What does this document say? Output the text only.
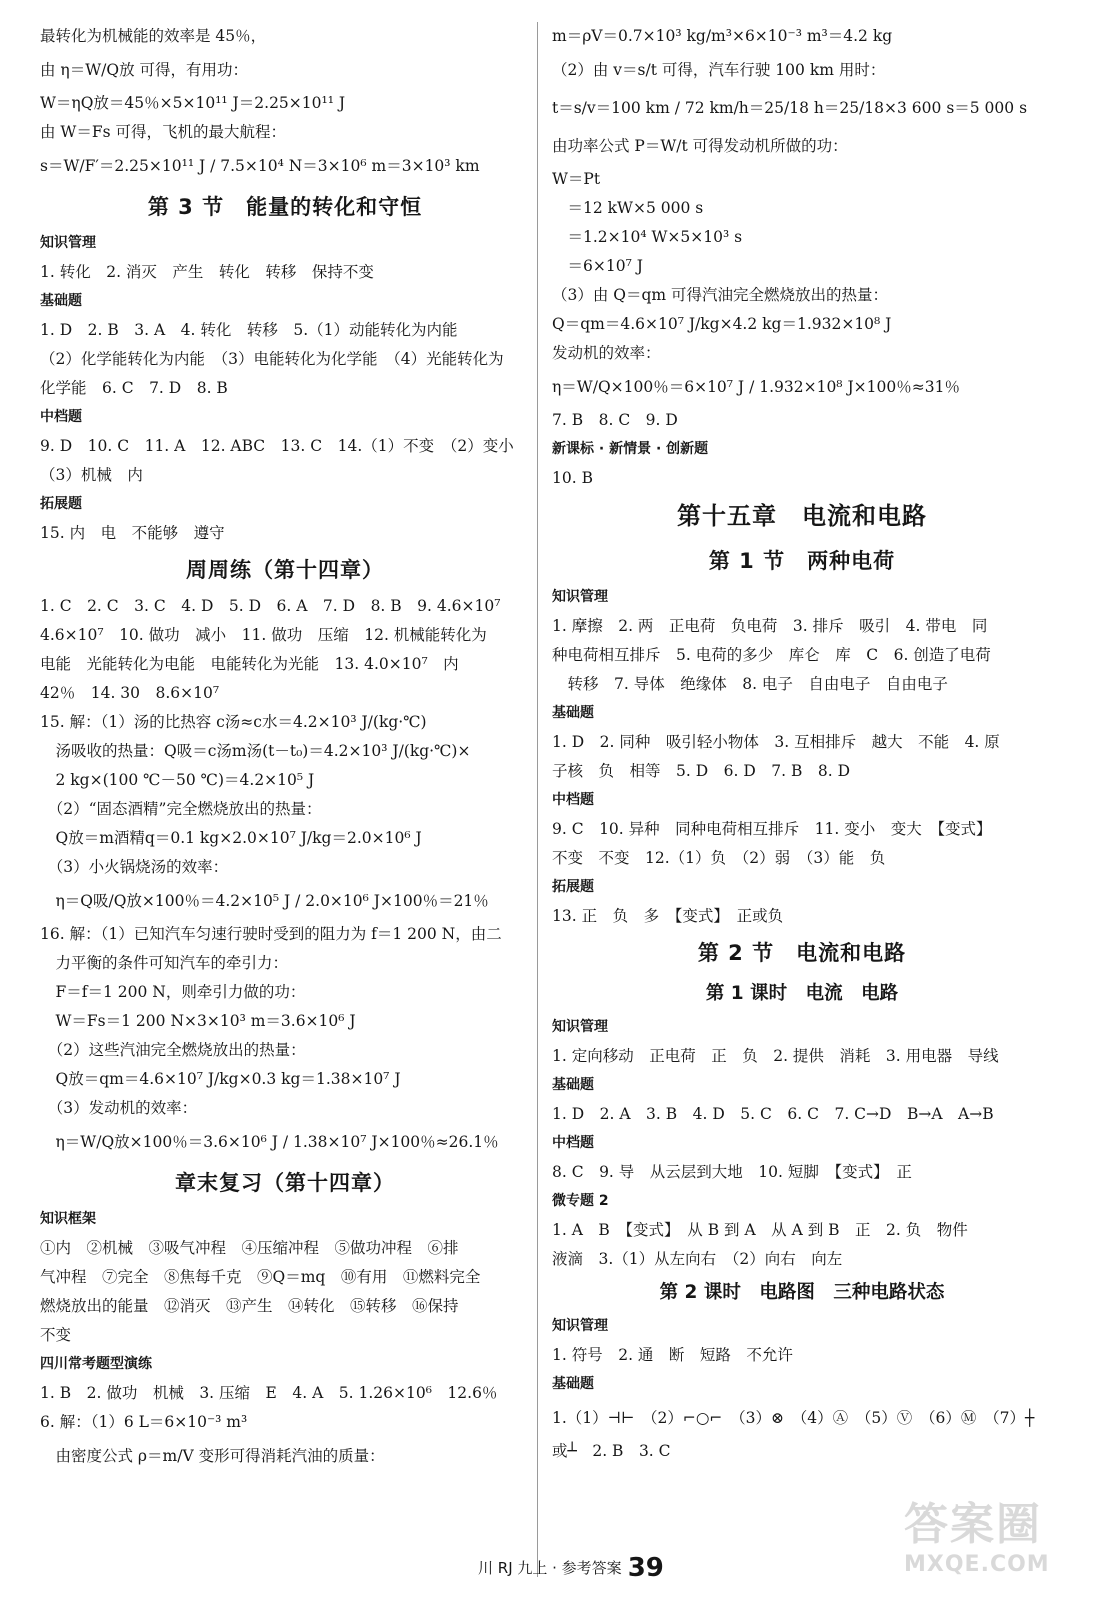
最转化为机械能的效率是 45％，
由 η＝W/Q放 可得，有用功：
W＝ηQ放＝45％×5×10¹¹ J＝2.25×10¹¹ J
由 W＝Fs 可得，飞机的最大航程：
s＝W/F′＝2.25×10¹¹ J / 7.5×10⁴ N＝3×10⁶ m＝3×10³ km
第 3 节　能量的转化和守恒
知识管理
1. 转化　2. 消灭　产生　转化　转移　保持不变
基础题
1. D　2. B　3. A　4. 转化　转移　5.（1）动能转化为内能
（2）化学能转化为内能　（3）电能转化为化学能　（4）光能转化为
化学能　6. C　7. D　8. B
中档题
9. D　10. C　11. A　12. ABC　13. C　14.（1）不变　（2）变小
（3）机械　内
拓展题
15. 内　电　不能够　遵守
周周练（第十四章）
1. C　2. C　3. C　4. D　5. D　6. A　7. D　8. B　9. 4.6×10⁷
4.6×10⁷　10. 做功　减小　11. 做功　压缩　12. 机械能转化为
电能　光能转化为电能　电能转化为光能　13. 4.0×10⁷　内
42％　14. 30　8.6×10⁷
15. 解：（1）汤的比热容 c汤≈c水＝4.2×10³ J/(kg·℃)
　汤吸收的热量：Q吸＝c汤m汤(t－t₀)＝4.2×10³ J/(kg·℃)×
　2 kg×(100 ℃－50 ℃)＝4.2×10⁵ J
　（2）“固态酒精”完全燃烧放出的热量：
　Q放＝m酒精q＝0.1 kg×2.0×10⁷ J/kg＝2.0×10⁶ J
　（3）小火锅烧汤的效率：
　η＝Q吸/Q放×100％＝4.2×10⁵ J / 2.0×10⁶ J×100％＝21％
16. 解：（1）已知汽车匀速行驶时受到的阻力为 f＝1 200 N，由二
　力平衡的条件可知汽车的牵引力：
　F＝f＝1 200 N，则牵引力做的功：
　W＝Fs＝1 200 N×3×10³ m＝3.6×10⁶ J
　（2）这些汽油完全燃烧放出的热量：
　Q放＝qm＝4.6×10⁷ J/kg×0.3 kg＝1.38×10⁷ J
　（3）发动机的效率：
　η＝W/Q放×100％＝3.6×10⁶ J / 1.38×10⁷ J×100％≈26.1％
章末复习（第十四章）
知识框架
①内　②机械　③吸气冲程　④压缩冲程　⑤做功冲程　⑥排
气冲程　⑦完全　⑧焦每千克　⑨Q＝mq　⑩有用　⑪燃料完全
燃烧放出的能量　⑫消灭　⑬产生　⑭转化　⑮转移　⑯保持
不变
四川常考题型演练
1. B　2. 做功　机械　3. 压缩　E　4. A　5. 1.26×10⁶　12.6％
6. 解：（1）6 L＝6×10⁻³ m³
　由密度公式 ρ＝m/V 变形可得消耗汽油的质量：
m＝ρV＝0.7×10³ kg/m³×6×10⁻³ m³＝4.2 kg
（2）由 v＝s/t 可得，汽车行驶 100 km 用时：
t＝s/v＝100 km / 72 km/h＝25/18 h＝25/18×3 600 s＝5 000 s
由功率公式 P＝W/t 可得发动机所做的功：
W＝Pt
　＝12 kW×5 000 s
　＝1.2×10⁴ W×5×10³ s
　＝6×10⁷ J
（3）由 Q＝qm 可得汽油完全燃烧放出的热量：
Q＝qm＝4.6×10⁷ J/kg×4.2 kg＝1.932×10⁸ J
发动机的效率：
η＝W/Q×100％＝6×10⁷ J / 1.932×10⁸ J×100％≈31％
7. B　8. C　9. D
新课标 · 新情景 · 创新题
10. B
第十五章　电流和电路
第 1 节　两种电荷
知识管理
1. 摩擦　2. 两　正电荷　负电荷　3. 排斥　吸引　4. 带电　同
种电荷相互排斥　5. 电荷的多少　库仑　库　C　6. 创造了电荷
　转移　7. 导体　绝缘体　8. 电子　自由电子　自由电子
基础题
1. D　2. 同种　吸引轻小物体　3. 互相排斥　越大　不能　4. 原
子核　负　相等　5. D　6. D　7. B　8. D
中档题
9. C　10. 异种　同种电荷相互排斥　11. 变小　变大　【变式】
不变　不变　12.（1）负　（2）弱　（3）能　负
拓展题
13. 正　负　多　【变式】　正或负
第 2 节　电流和电路
第 1 课时　电流　电路
知识管理
1. 定向移动　正电荷　正　负　2. 提供　消耗　3. 用电器　导线
基础题
1. D　2. A　3. B　4. D　5. C　6. C　7. C→D　B→A　A→B
中档题
8. C　9. 导　从云层到大地　10. 短脚　【变式】　正
微专题 2
1. A　B　【变式】　从 B 到 A　从 A 到 B　正　2. 负　物件
液滴　3.（1）从左向右　（2）向右　向左
第 2 课时　电路图　三种电路状态
知识管理
1. 符号　2. 通　断　短路　不允许
基础题
1.（1）⊣⊢　（2）⌐○⌐　（3）⊗　（4）Ⓐ　（5）Ⓥ　（6）Ⓜ　（7）┼
或┴　2. B　3. C
川 RJ 九上 · 参考答案 39
答案圈
MXQE.COM
